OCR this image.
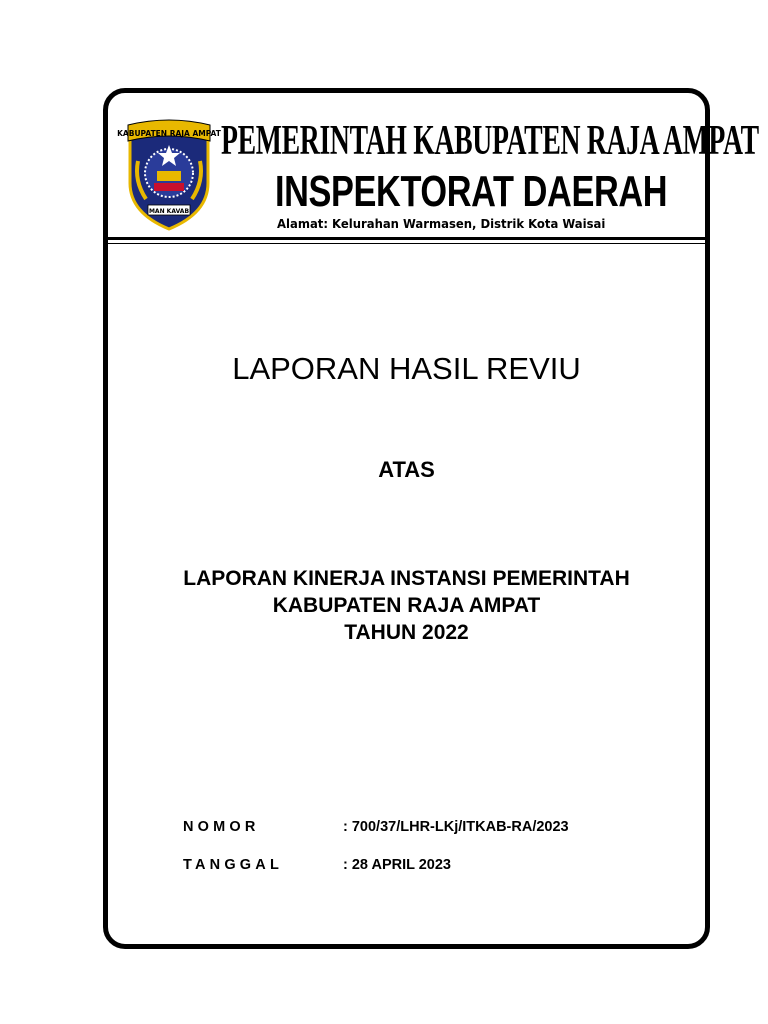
KABUPATEN RAJA AMPAT
MAN KAVAB
PEMERINTAH KABUPATEN RAJA AMPAT
INSPEKTORAT DAERAH
Alamat: Kelurahan Warmasen, Distrik Kota Waisai
LAPORAN HASIL REVIU
ATAS
LAPORAN KINERJA INSTANSI PEMERINTAH
KABUPATEN RAJA AMPAT
TAHUN 2022
NOMOR	: 700/37/LHR-LKj/ITKAB-RA/2023
TANGGAL	: 28 APRIL 2023
